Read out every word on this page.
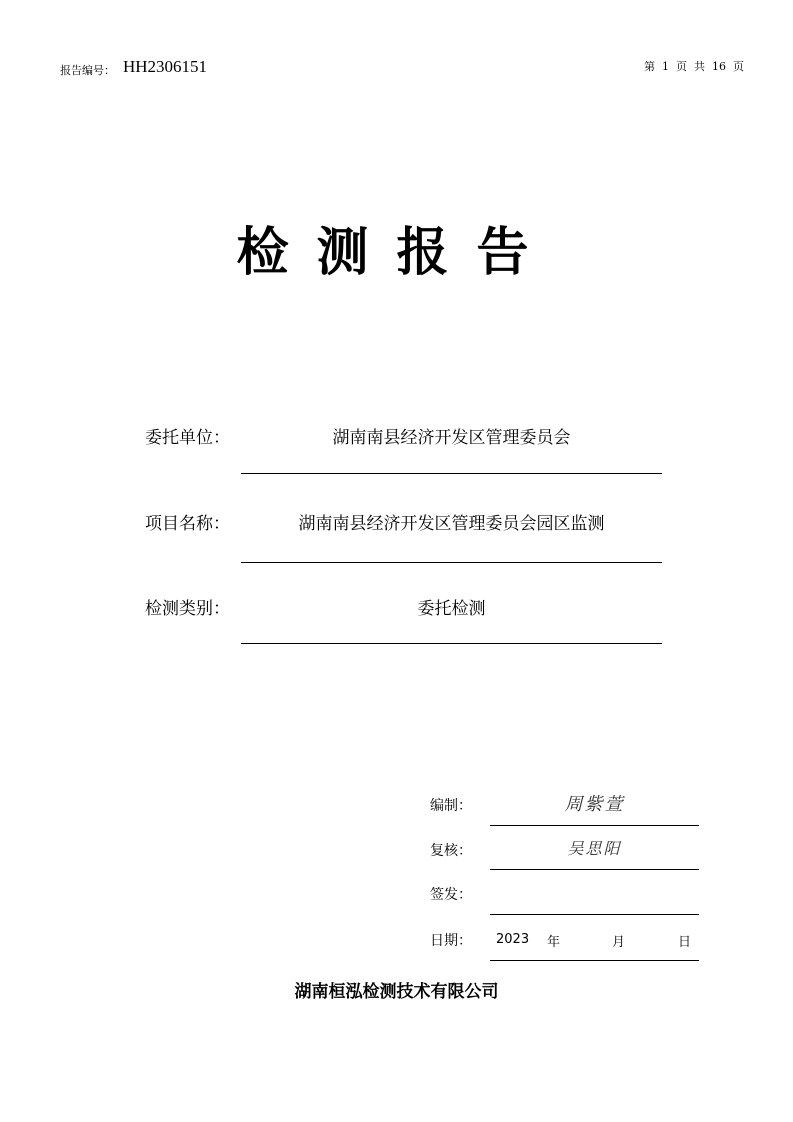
报告编号： HH2306151	第  1  页  共  16  页
检测报告
委托单位：	湖南南县经济开发区管理委员会
项目名称：	湖南南县经济开发区管理委员会园区监测
检测类别：	委托检测
编制：	周紫萱
复核：	吴思阳
签发：
日期： 2023 年	月	日
湖南桓泓检测技术有限公司
